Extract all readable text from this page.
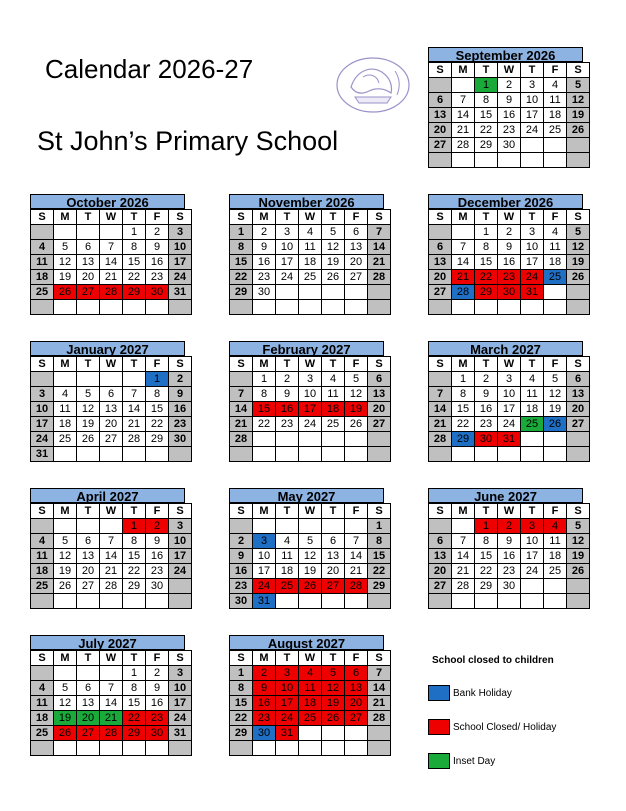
Calendar 2026-27
St John’s Primary School
September 2026
S	M	T	W	T	F	S
		1	2	3	4	5
6	7	8	9	10	11	12
13	14	15	16	17	18	19
20	21	22	23	24	25	26
27	28	29	30			

October 2026
S	M	T	W	T	F	S
				1	2	3
4	5	6	7	8	9	10
11	12	13	14	15	16	17
18	19	20	21	22	23	24
25	26	27	28	29	30	31

November 2026
S	M	T	W	T	F	S
1	2	3	4	5	6	7
8	9	10	11	12	13	14
15	16	17	18	19	20	21
22	23	24	25	26	27	28
29	30					

December 2026
S	M	T	W	T	F	S
		1	2	3	4	5
6	7	8	9	10	11	12
13	14	15	16	17	18	19
20	21	22	23	24	25	26
27	28	29	30	31		

January 2027
S	M	T	W	T	F	S
					1	2
3	4	5	6	7	8	9
10	11	12	13	14	15	16
17	18	19	20	21	22	23
24	25	26	27	28	29	30
31						
February 2027
S	M	T	W	T	F	S
	1	2	3	4	5	6
7	8	9	10	11	12	13
14	15	16	17	18	19	20
21	22	23	24	25	26	27
28						

March 2027
S	M	T	W	T	F	S
	1	2	3	4	5	6
7	8	9	10	11	12	13
14	15	16	17	18	19	20
21	22	23	24	25	26	27
28	29	30	31			

April 2027
S	M	T	W	T	F	S
				1	2	3
4	5	6	7	8	9	10
11	12	13	14	15	16	17
18	19	20	21	22	23	24
25	26	27	28	29	30	

May 2027
S	M	T	W	T	F	S
						1
2	3	4	5	6	7	8
9	10	11	12	13	14	15
16	17	18	19	20	21	22
23	24	25	26	27	28	29
30	31					
June 2027
S	M	T	W	T	F	S
		1	2	3	4	5
6	7	8	9	10	11	12
13	14	15	16	17	18	19
20	21	22	23	24	25	26
27	28	29	30			

July 2027
S	M	T	W	T	F	S
				1	2	3
4	5	6	7	8	9	10
11	12	13	14	15	16	17
18	19	20	21	22	23	24
25	26	27	28	29	30	31

August 2027
S	M	T	W	T	F	S
1	2	3	4	5	6	7
8	9	10	11	12	13	14
15	16	17	18	19	20	21
22	23	24	25	26	27	28
29	30	31				

School closed to children
Bank Holiday
School Closed/ Holiday
Inset Day
